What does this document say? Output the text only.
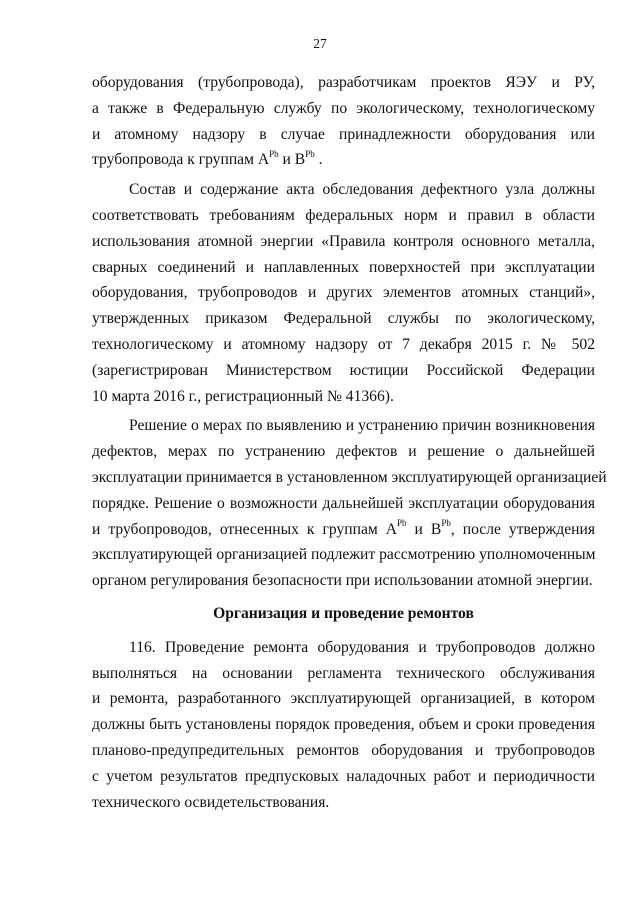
27
оборудования (трубопровода), разработчикам проектов ЯЭУ и РУ,
а также в Федеральную службу по экологическому, технологическому
и атомному надзору в случае принадлежности оборудования или
трубопровода к группам $A^{Pb}$ и $B^{Pb}$ .
Состав и содержание акта обследования дефектного узла должны
соответствовать требованиям федеральных норм и правил в области
использования атомной энергии «Правила контроля основного металла,
сварных соединений и наплавленных поверхностей при эксплуатации
оборудования, трубопроводов и других элементов атомных станций»,
утвержденных приказом Федеральной службы по экологическому,
технологическому и атомному надзору от 7 декабря 2015 г. № 502
(зарегистрирован Министерством юстиции Российской Федерации
10 марта 2016 г., регистрационный № 41366).
Решение о мерах по выявлению и устранению причин возникновения
дефектов, мерах по устранению дефектов и решение о дальнейшей
эксплуатации принимается в установленном эксплуатирующей организацией
порядке. Решение о возможности дальнейшей эксплуатации оборудования
и трубопроводов, отнесенных к группам $A^{Pb}$ и $B^{Pb}$, после утверждения
эксплуатирующей организацией подлежит рассмотрению уполномоченным
органом регулирования безопасности при использовании атомной энергии.
Организация и проведение ремонтов
116. Проведение ремонта оборудования и трубопроводов должно
выполняться на основании регламента технического обслуживания
и ремонта, разработанного эксплуатирующей организацией, в котором
должны быть установлены порядок проведения, объем и сроки проведения
планово-предупредительных ремонтов оборудования и трубопроводов
с учетом результатов предпусковых наладочных работ и периодичности
технического освидетельствования.
